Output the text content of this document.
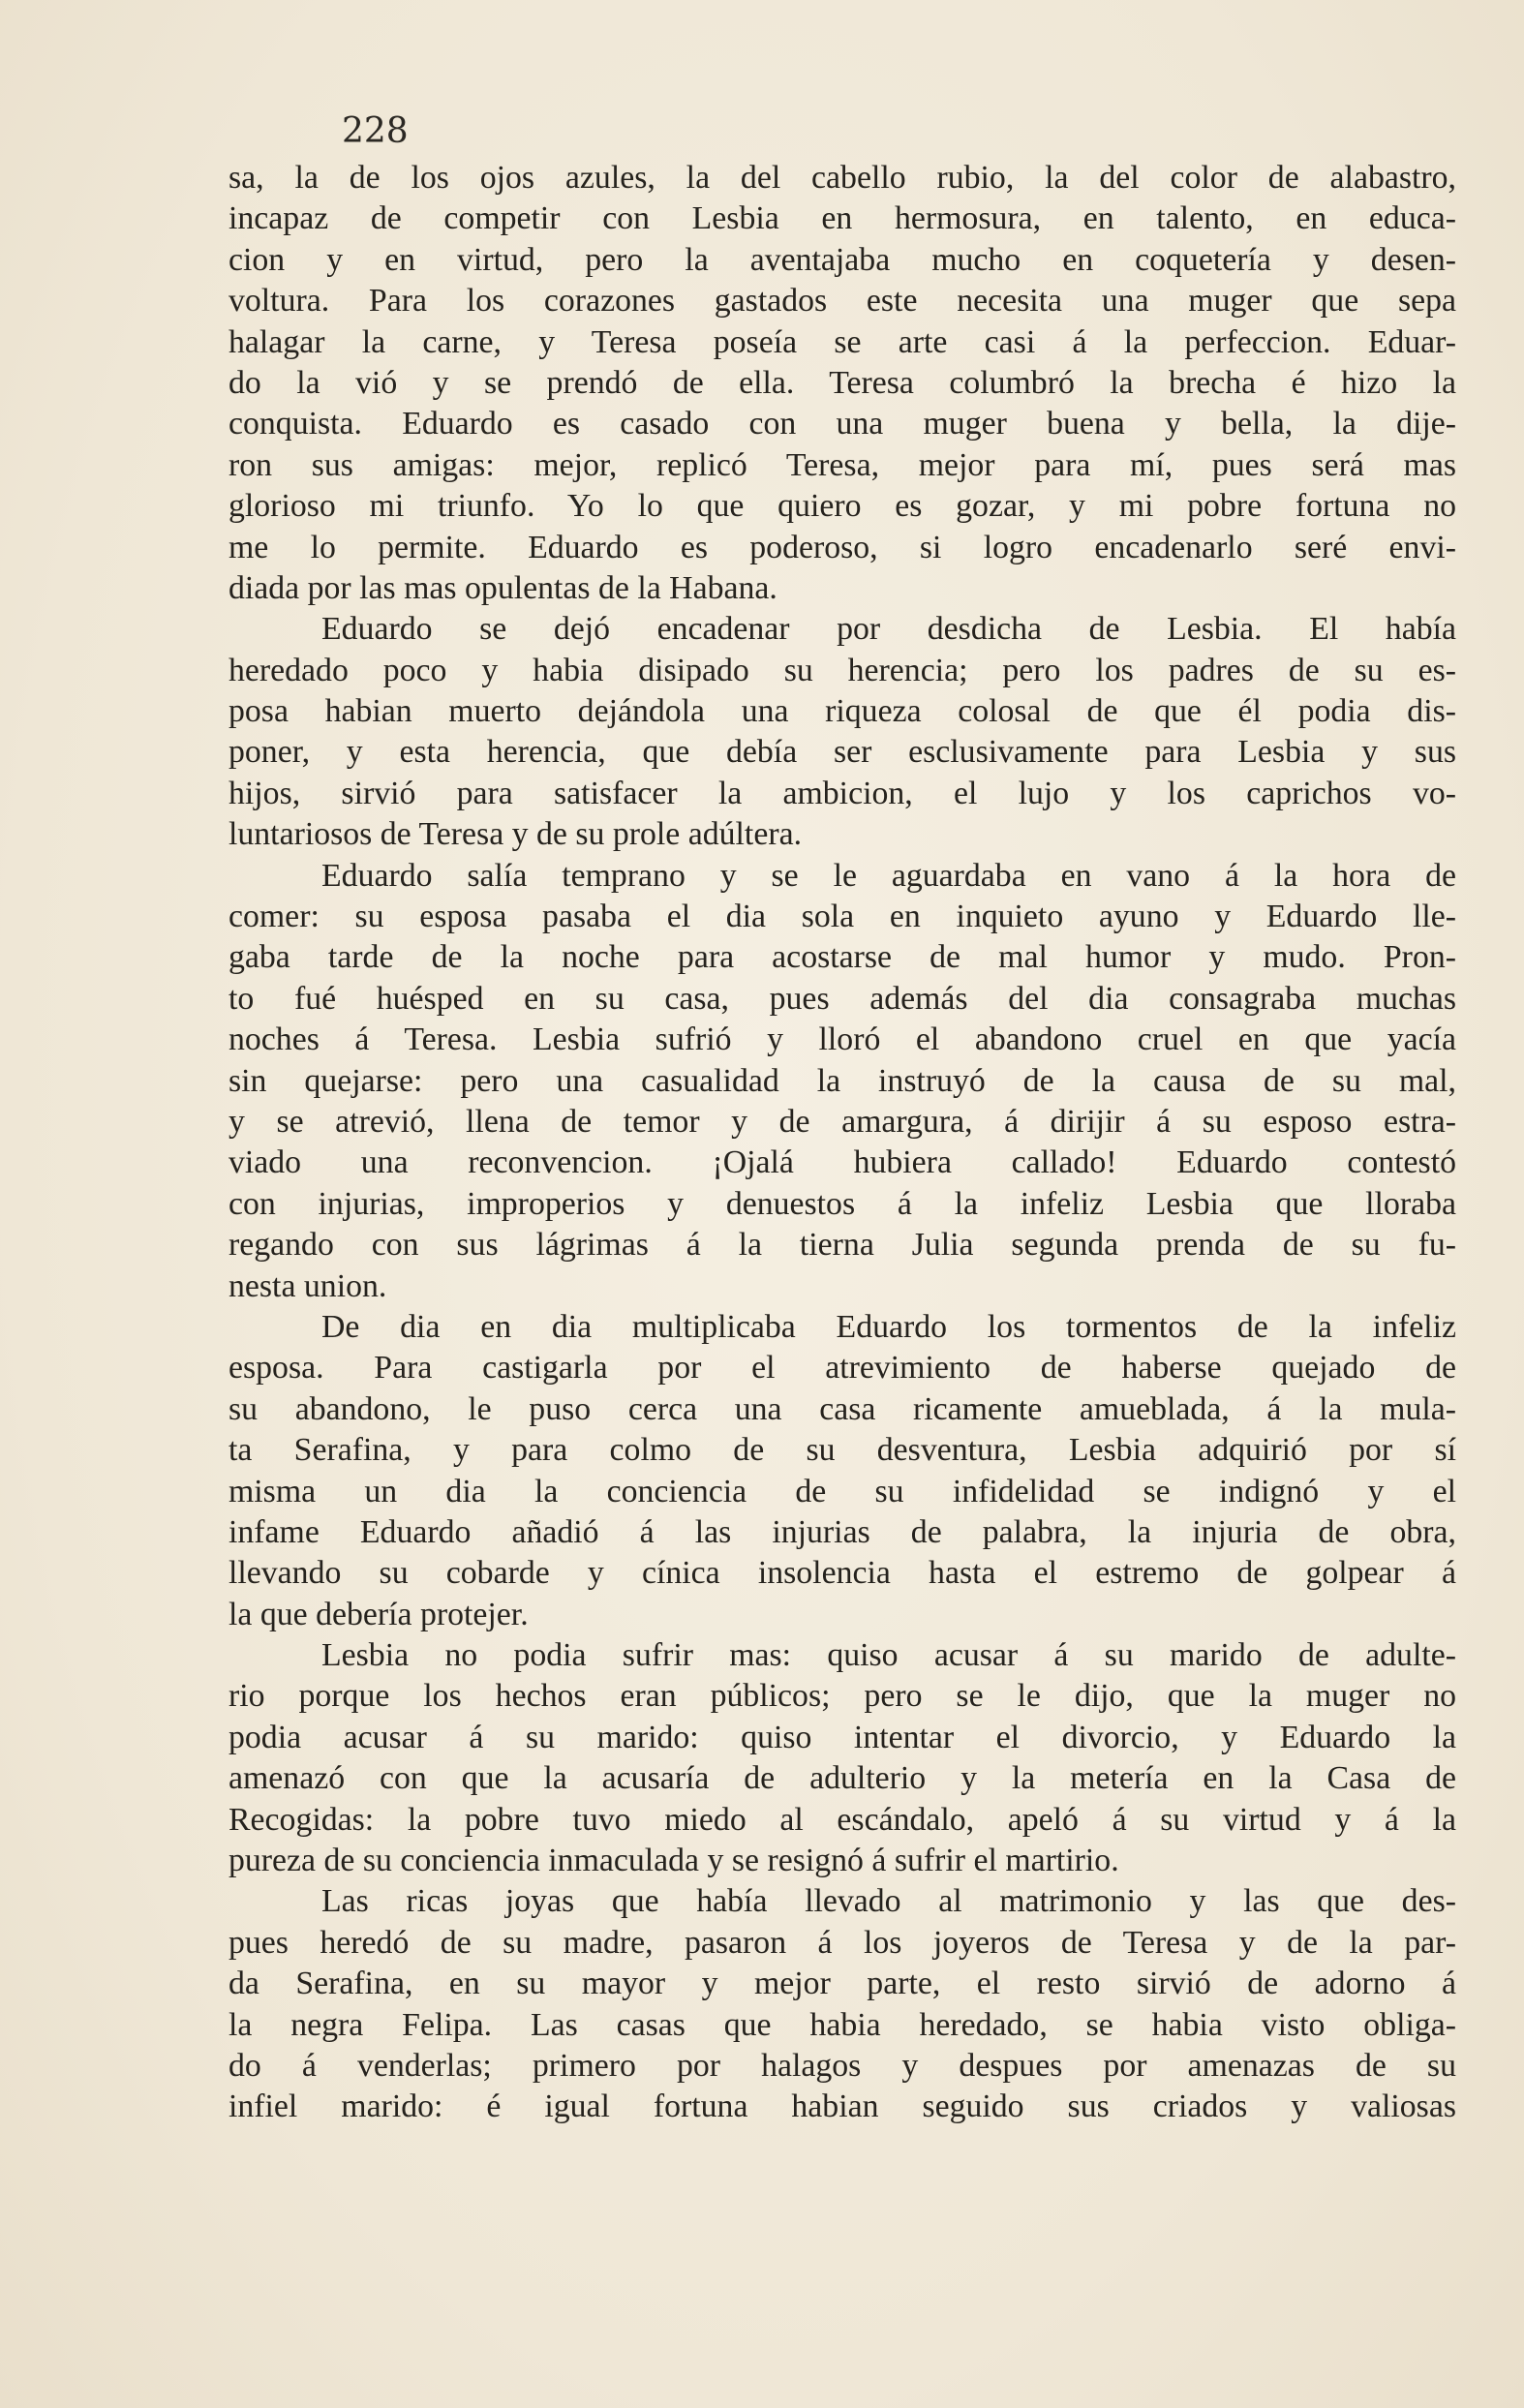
228
sa, la de los ojos azules, la del cabello rubio, la del color de alabastro,
incapaz de competir con Lesbia en hermosura, en talento, en educa-
cion y en virtud, pero la aventajaba mucho en coquetería y desen-
voltura. Para los corazones gastados este necesita una muger que sepa
halagar la carne, y Teresa poseía se arte casi á la perfeccion. Eduar-
do la vió y se prendó de ella. Teresa columbró la brecha é hizo la
conquista. Eduardo es casado con una muger buena y bella, la dije-
ron sus amigas: mejor, replicó Teresa, mejor para mí, pues será mas
glorioso mi triunfo. Yo lo que quiero es gozar, y mi pobre fortuna no
me lo permite. Eduardo es poderoso, si logro encadenarlo seré envi-
diada por las mas opulentas de la Habana.
Eduardo se dejó encadenar por desdicha de Lesbia. El había
heredado poco y habia disipado su herencia; pero los padres de su es-
posa habian muerto dejándola una riqueza colosal de que él podia dis-
poner, y esta herencia, que debía ser esclusivamente para Lesbia y sus
hijos, sirvió para satisfacer la ambicion, el lujo y los caprichos vo-
luntariosos de Teresa y de su prole adúltera.
Eduardo salía temprano y se le aguardaba en vano á la hora de
comer: su esposa pasaba el dia sola en inquieto ayuno y Eduardo lle-
gaba tarde de la noche para acostarse de mal humor y mudo. Pron-
to fué huésped en su casa, pues además del dia consagraba muchas
noches á Teresa. Lesbia sufrió y lloró el abandono cruel en que yacía
sin quejarse: pero una casualidad la instruyó de la causa de su mal,
y se atrevió, llena de temor y de amargura, á dirijir á su esposo estra-
viado una reconvencion. ¡Ojalá hubiera callado! Eduardo contestó
con injurias, improperios y denuestos á la infeliz Lesbia que lloraba
regando con sus lágrimas á la tierna Julia segunda prenda de su fu-
nesta union.
De dia en dia multiplicaba Eduardo los tormentos de la infeliz
esposa. Para castigarla por el atrevimiento de haberse quejado de
su abandono, le puso cerca una casa ricamente amueblada, á la mula-
ta Serafina, y para colmo de su desventura, Lesbia adquirió por sí
misma un dia la conciencia de su infidelidad se indignó y el
infame Eduardo añadió á las injurias de palabra, la injuria de obra,
llevando su cobarde y cínica insolencia hasta el estremo de golpear á
la que debería protejer.
Lesbia no podia sufrir mas: quiso acusar á su marido de adulte-
rio porque los hechos eran públicos; pero se le dijo, que la muger no
podia acusar á su marido: quiso intentar el divorcio, y Eduardo la
amenazó con que la acusaría de adulterio y la metería en la Casa de
Recogidas: la pobre tuvo miedo al escándalo, apeló á su virtud y á la
pureza de su conciencia inmaculada y se resignó á sufrir el martirio.
Las ricas joyas que había llevado al matrimonio y las que des-
pues heredó de su madre, pasaron á los joyeros de Teresa y de la par-
da Serafina, en su mayor y mejor parte, el resto sirvió de adorno á
la negra Felipa. Las casas que habia heredado, se habia visto obliga-
do á venderlas; primero por halagos y despues por amenazas de su
infiel marido: é igual fortuna habian seguido sus criados y valiosas
